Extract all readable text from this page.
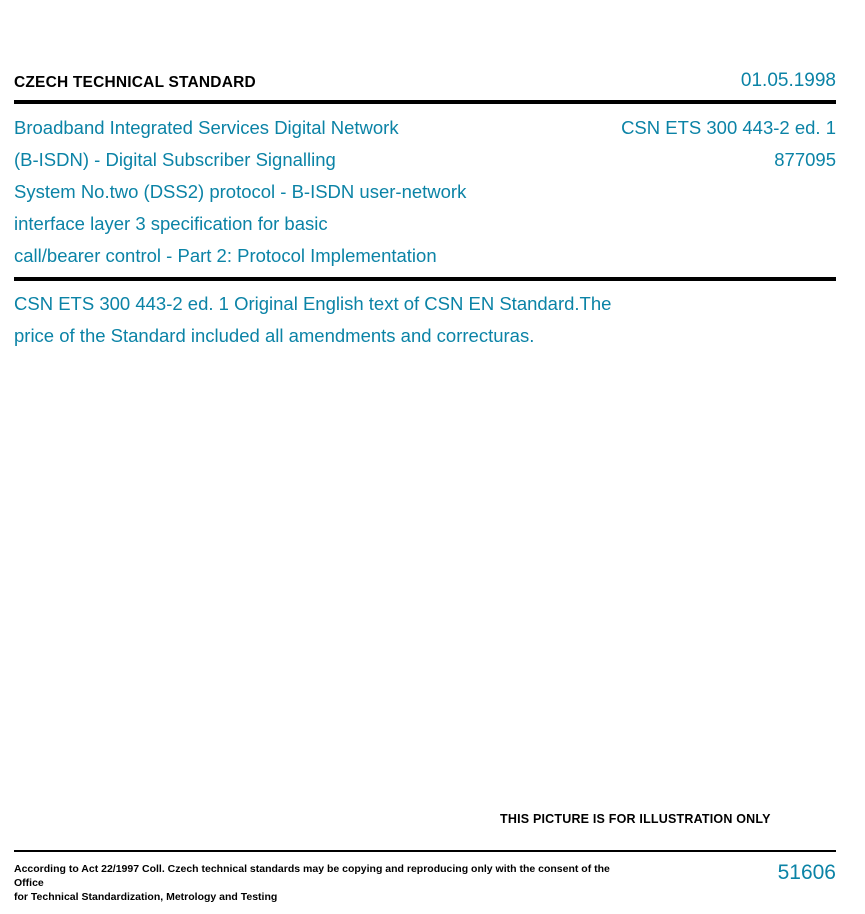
CZECH TECHNICAL STANDARD	01.05.1998
Broadband Integrated Services Digital Network
(B-ISDN) - Digital Subscriber Signalling
System No.two (DSS2) protocol - B-ISDN user-network
interface layer 3 specification for basic
call/bearer control - Part 2: Protocol Implementation
CSN ETS 300 443-2 ed. 1
877095
CSN ETS 300 443-2 ed. 1 Original English text of CSN EN Standard.The
price of the Standard included all amendments and correcturas.
THIS PICTURE IS FOR ILLUSTRATION ONLY
According to Act 22/1997 Coll. Czech technical standards may be copying and reproducing only with the consent of the Office
for Technical Standardization, Metrology and Testing
51606
